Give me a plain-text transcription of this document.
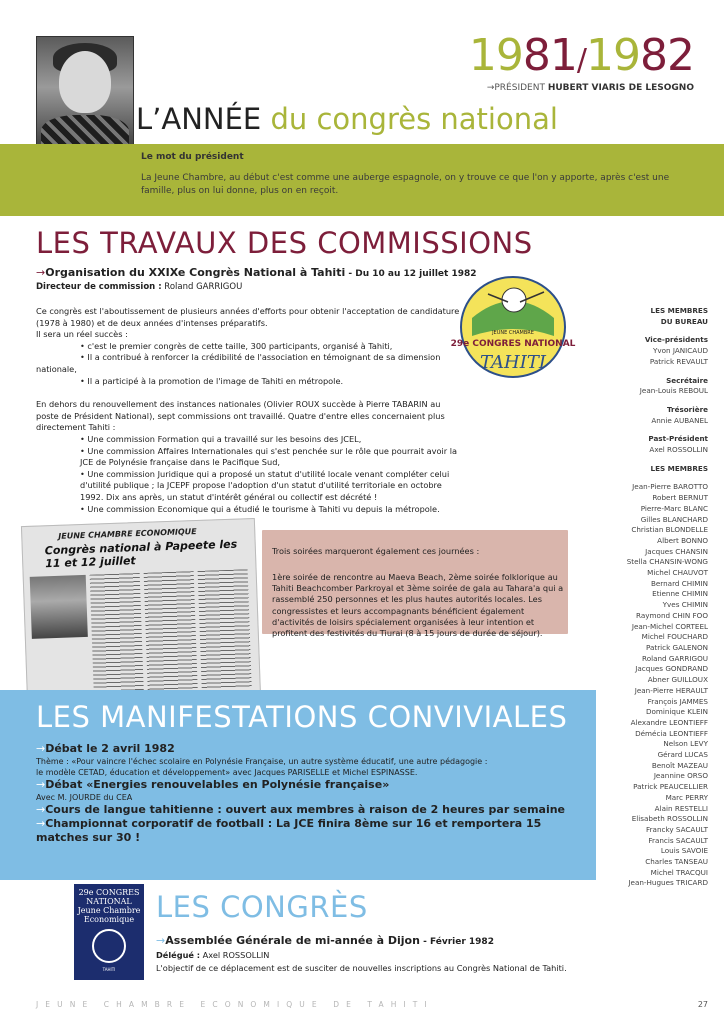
1981/1982
→PRÉSIDENT HUBERT VIARIS DE LESOGNO
L’ANNÉE du congrès national
Le mot du président
La Jeune Chambre, au début c'est comme une auberge espagnole, on y trouve ce que l'on y apporte, après c'est une famille, plus on lui donne, plus on en reçoit.
LES TRAVAUX DES COMMISSIONS
→Organisation du XXIXe Congrès National à Tahiti - Du 10 au 12 juillet 1982
Directeur de commission : Roland GARRIGOU

Ce congrès est l'aboutissement de plusieurs années d'efforts pour obtenir l'acceptation de candidature (1978 à 1980) et de deux années d'intenses préparatifs.

Il sera un réel succès :

• c'est le premier congrès de cette taille, 300 participants, organisé à Tahiti,

• Il a contribué à renforcer la crédibilité de l'association en témoignant de sa dimension

nationale,

• Il a participé à la promotion de l'image de Tahiti en métropole.

En dehors du renouvellement des instances nationales (Olivier ROUX succède à Pierre TABARIN au poste de Président National), sept commissions ont travaillé. Quatre d'entre elles concernaient plus directement Tahiti :

• Une commission Formation qui a travaillé sur les besoins des JCEL,

• Une commission Affaires Internationales qui s'est penchée sur le rôle que pourrait avoir la JCE de Polynésie française dans le Pacifique Sud,

• Une commission Juridique qui a proposé un statut d'utilité locale venant compléter celui d'utilité publique ; la JCEPF propose l'adoption d'un statut d'utilité territoriale en octobre 1992. Dix ans après, un statut d'intérêt général ou collectif est décrété !

• Une commission Economique qui a étudié le tourisme à Tahiti vu depuis la métropole.

JEUNE CHAMBRE
29e CONGRES NATIONAL
TAHITI
LES MEMBRES
DU BUREAU
Vice-présidents
Yvon JANICAUD
Patrick REVAULT
Secrétaire
Jean-Louis REBOUL
Trésorière
Annie AUBANEL
Past-Président
Axel ROSSOLLIN
LES MEMBRES
Jean-Pierre BAROTTO
Robert BERNUT
Pierre-Marc BLANC
Gilles BLANCHARD
Christian BLONDELLE
Albert BONNO
Jacques CHANSIN
Stella CHANSIN-WONG
Michel CHAUVOT
Bernard CHIMIN
Etienne CHIMIN
Yves CHIMIN
Raymond CHIN FOO
Jean-Michel CORTEEL
Michel FOUCHARD
Patrick GALENON
Roland GARRIGOU
Jacques GONDRAND
Abner GUILLOUX
Jean-Pierre HERAULT
François JAMMES
Dominique KLEIN
Alexandre LEONTIEFF
Démécia LEONTIEFF
Nelson LEVY
Gérard LUCAS
Benoît MAZEAU
Jeannine ORSO
Patrick PEAUCELLIER
Marc PERRY
Alain RESTELLI
Elisabeth ROSSOLLIN
Francky SACAULT
Francis SACAULT
Louis SAVOIE
Charles TANSEAU
Michel TRACQUI
Jean-Hugues TRICARD
JEUNE CHAMBRE ECONOMIQUE
Congrès national à Papeete les 11 et 12 juillet
Trois soirées marqueront également ces journées :
1ère soirée de rencontre au Maeva Beach, 2ème soirée folklorique au Tahiti Beachcomber Parkroyal et 3ème soirée de gala au Tahara'a qui a rassemblé 250 personnes et les plus hautes autorités locales. Les congressistes et leurs accompagnants bénéficient également d'activités de loisirs spécialement organisées à leur intention et profitent des festivités du Tiurai (8 à 15 jours de durée de séjour).
LES MANIFESTATIONS CONVIVIALES
→Débat le 2 avril 1982
Thème : «Pour vaincre l'échec scolaire en Polynésie Française, un autre système éducatif, une autre pédagogie :
le modèle CETAD, éducation et développement» avec Jacques PARISELLE et Michel ESPINASSE.
→Débat «Energies renouvelables en Polynésie française»
Avec M. JOURDE du CEA
→Cours de langue tahitienne : ouvert aux membres à raison de 2 heures par semaine
→Championnat corporatif de football : La JCE finira 8ème sur 16 et remportera 15 matches sur 30 !
29e CONGRES
NATIONAL
Jeune Chambre
Economique
TAHITI
LES CONGRÈS
→Assemblée Générale de mi-année à Dijon - Février 1982
Délégué : Axel ROSSOLLIN
L'objectif de ce déplacement est de susciter de nouvelles inscriptions au Congrès National de Tahiti.
JEUNE CHAMBRE ECONOMIQUE DE TAHITI	27
